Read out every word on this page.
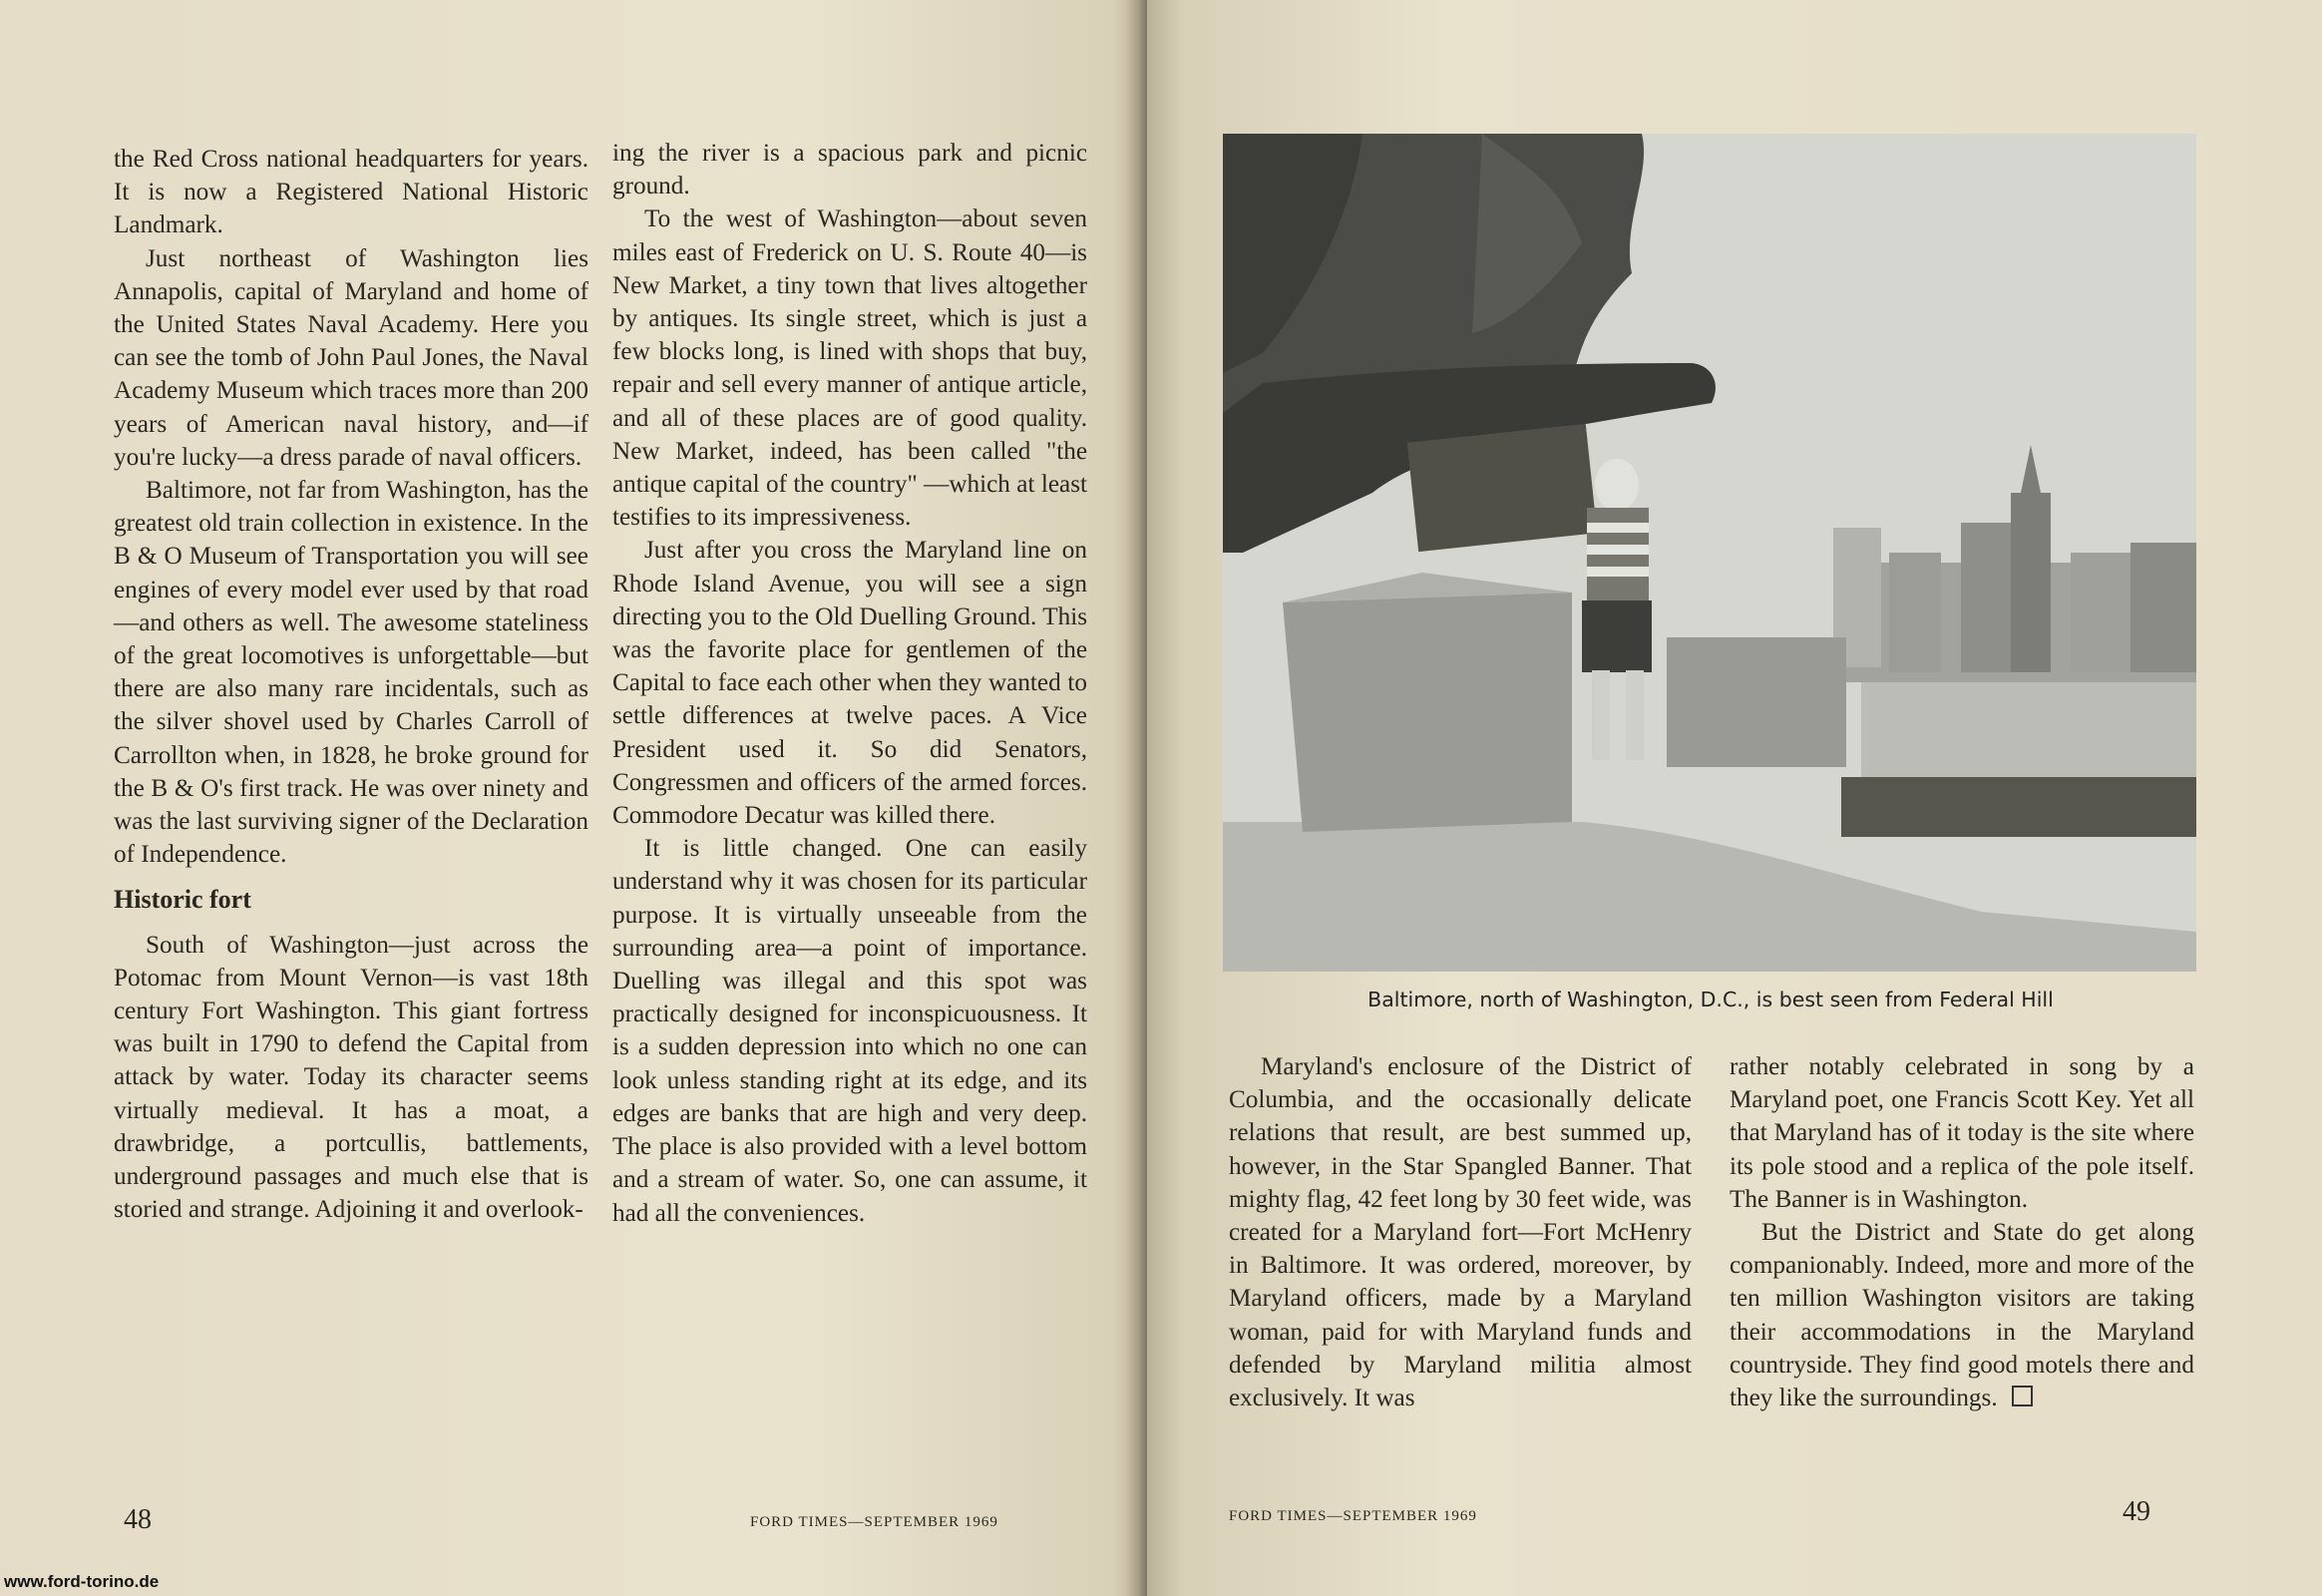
the Red Cross national headquarters for years. It is now a Registered National Historic Landmark.

Just northeast of Washington lies Annapolis, capital of Maryland and home of the United States Naval Academy. Here you can see the tomb of John Paul Jones, the Naval Academy Museum which traces more than 200 years of American naval history, and—if you're lucky—a dress parade of naval officers.

Baltimore, not far from Washington, has the greatest old train collection in existence. In the B & O Museum of Transportation you will see engines of every model ever used by that road—and others as well. The awesome stateliness of the great locomotives is unforgettable—but there are also many rare incidentals, such as the silver shovel used by Charles Carroll of Carrollton when, in 1828, he broke ground for the B & O's first track. He was over ninety and was the last surviving signer of the Declaration of Independence.

Historic fort

South of Washington—just across the Potomac from Mount Vernon—is vast 18th century Fort Washington. This giant fortress was built in 1790 to defend the Capital from attack by water. Today its character seems virtually medieval. It has a moat, a drawbridge, a portcullis, battlements, underground passages and much else that is storied and strange. Adjoining it and overlook-

ing the river is a spacious park and picnic ground.

To the west of Washington—about seven miles east of Frederick on U. S. Route 40—is New Market, a tiny town that lives altogether by antiques. Its single street, which is just a few blocks long, is lined with shops that buy, repair and sell every manner of antique article, and all of these places are of good quality. New Market, indeed, has been called "the antique capital of the country" —which at least testifies to its impressiveness.

Just after you cross the Maryland line on Rhode Island Avenue, you will see a sign directing you to the Old Duelling Ground. This was the favorite place for gentlemen of the Capital to face each other when they wanted to settle differences at twelve paces. A Vice President used it. So did Senators, Congressmen and officers of the armed forces. Commodore Decatur was killed there.

It is little changed. One can easily understand why it was chosen for its particular purpose. It is virtually unseeable from the surrounding area—a point of importance. Duelling was illegal and this spot was practically designed for inconspicuousness. It is a sudden depression into which no one can look unless standing right at its edge, and its edges are banks that are high and very deep. The place is also provided with a level bottom and a stream of water. So, one can assume, it had all the conveniences.

48	FORD TIMES—SEPTEMBER 1969
www.ford-torino.de
Baltimore, north of Washington, D.C., is best seen from Federal Hill

Maryland's enclosure of the District of Columbia, and the occasionally delicate relations that result, are best summed up, however, in the Star Spangled Banner. That mighty flag, 42 feet long by 30 feet wide, was created for a Maryland fort—Fort McHenry in Baltimore. It was ordered, moreover, by Maryland officers, made by a Maryland woman, paid for with Maryland funds and defended by Maryland militia almost exclusively. It was

rather notably celebrated in song by a Maryland poet, one Francis Scott Key. Yet all that Maryland has of it today is the site where its pole stood and a replica of the pole itself. The Banner is in Washington.

But the District and State do get along companionably. Indeed, more and more of the ten million Washington visitors are taking their accommodations in the Maryland countryside. They find good motels there and they like the surroundings.

FORD TIMES—SEPTEMBER 1969	49
